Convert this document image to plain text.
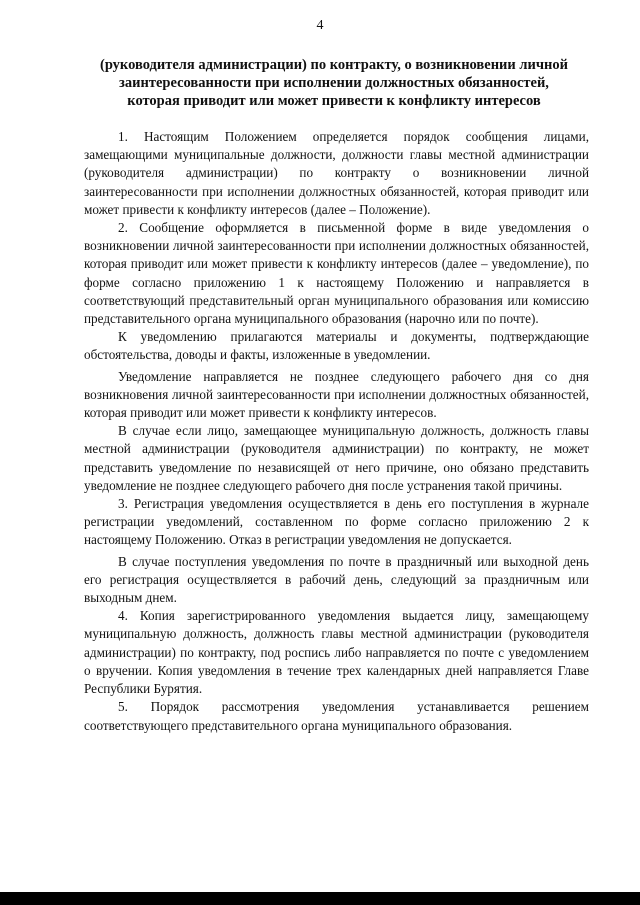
4
(руководителя администрации) по контракту, о возникновении личной
заинтересованности при исполнении должностных обязанностей,
которая приводит или может привести к конфликту интересов

1. Настоящим Положением определяется порядок сообщения лицами, замещающими муниципальные должности, должности главы местной администрации (руководителя администрации) по контракту о возникновении личной заинтересованности при исполнении должностных обязанностей, которая приводит или может привести к конфликту интересов (далее – Положение).

2. Сообщение оформляется в письменной форме в виде уведомления о возникновении личной заинтересованности при исполнении должностных обязанностей, которая приводит или может привести к конфликту интересов (далее – уведомление), по форме согласно приложению 1 к настоящему Положению и направляется в соответствующий представительный орган муниципального образования или комиссию представительного органа муниципального образования (нарочно или по почте).

К уведомлению прилагаются материалы и документы, подтверждающие обстоятельства, доводы и факты, изложенные в уведомлении.

Уведомление направляется не позднее следующего рабочего дня со дня возникновения личной заинтересованности при исполнении должностных обязанностей, которая приводит или может привести к конфликту интересов.

В случае если лицо, замещающее муниципальную должность, должность главы местной администрации (руководителя администрации) по контракту, не может представить уведомление по независящей от него причине, оно обязано представить уведомление не позднее следующего рабочего дня после устранения такой причины.

3. Регистрация уведомления осуществляется в день его поступления в журнале регистрации уведомлений, составленном по форме согласно приложению 2 к настоящему Положению. Отказ в регистрации уведомления не допускается.

В случае поступления уведомления по почте в праздничный или выходной день его регистрация осуществляется в рабочий день, следующий за праздничным или выходным днем.

4. Копия зарегистрированного уведомления выдается лицу, замещающему муниципальную должность, должность главы местной администрации (руководителя администрации) по контракту, под роспись либо направляется по почте с уведомлением о вручении. Копия уведомления в течение трех календарных дней направляется Главе Республики Бурятия.

5. Порядок рассмотрения уведомления устанавливается решением соответствующего представительного органа муниципального образования.
